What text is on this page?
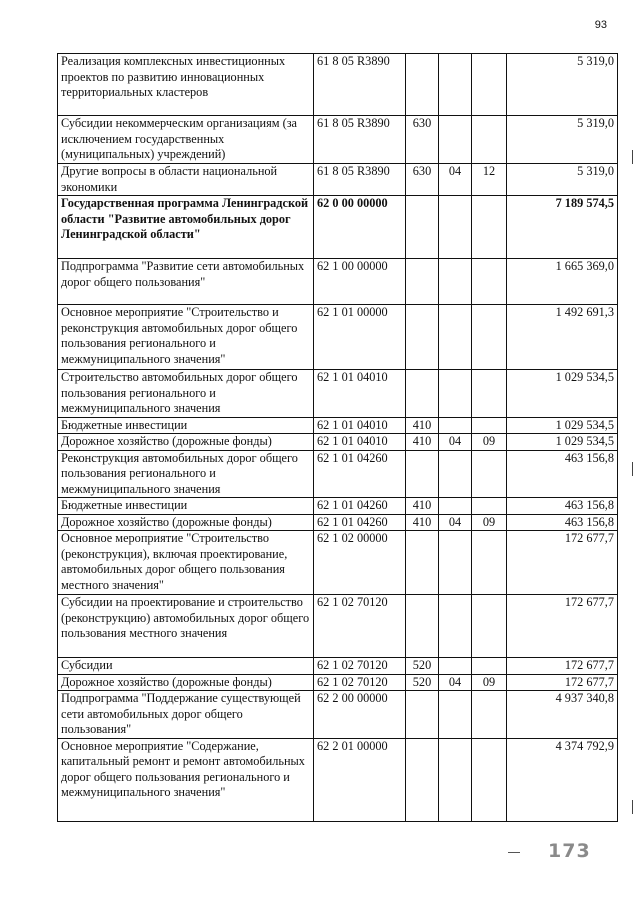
93
Реализация комплексных инвестиционных проектов по развитию инновационных территориальных кластеров	61 8 05 R3890				5 319,0
Субсидии некоммерческим организациям (за исключением государственных (муниципальных) учреждений)	61 8 05 R3890	630			5 319,0
Другие вопросы в области национальной экономики	61 8 05 R3890	630	04	12	5 319,0
Государственная программа Ленинградской области "Развитие автомобильных дорог Ленинградской области"	62 0 00 00000				7 189 574,5
Подпрограмма "Развитие сети автомобильных дорог общего пользования"	62 1 00 00000				1 665 369,0
Основное мероприятие "Строительство и реконструкция автомобильных дорог общего пользования регионального и межмуниципального значения"	62 1 01 00000				1 492 691,3
Строительство автомобильных дорог общего пользования регионального и межмуниципального значения	62 1 01 04010				1 029 534,5
Бюджетные инвестиции	62 1 01 04010	410			1 029 534,5
Дорожное хозяйство (дорожные фонды)	62 1 01 04010	410	04	09	1 029 534,5
Реконструкция автомобильных дорог общего пользования регионального и межмуниципального значения	62 1 01 04260				463 156,8
Бюджетные инвестиции	62 1 01 04260	410			463 156,8
Дорожное хозяйство (дорожные фонды)	62 1 01 04260	410	04	09	463 156,8
Основное мероприятие "Строительство (реконструкция), включая проектирование, автомобильных дорог общего пользования местного значения"	62 1 02 00000				172 677,7
Субсидии на проектирование и строительство (реконструкцию) автомобильных дорог общего пользования местного значения	62 1 02 70120				172 677,7
Субсидии	62 1 02 70120	520			172 677,7
Дорожное хозяйство (дорожные фонды)	62 1 02 70120	520	04	09	172 677,7
Подпрограмма "Поддержание существующей сети автомобильных дорог общего пользования"	62 2 00 00000				4 937 340,8
Основное мероприятие "Содержание, капитальный ремонт и ремонт автомобильных дорог общего пользования регионального и межмуниципального значения"	62 2 01 00000				4 374 792,9
173
